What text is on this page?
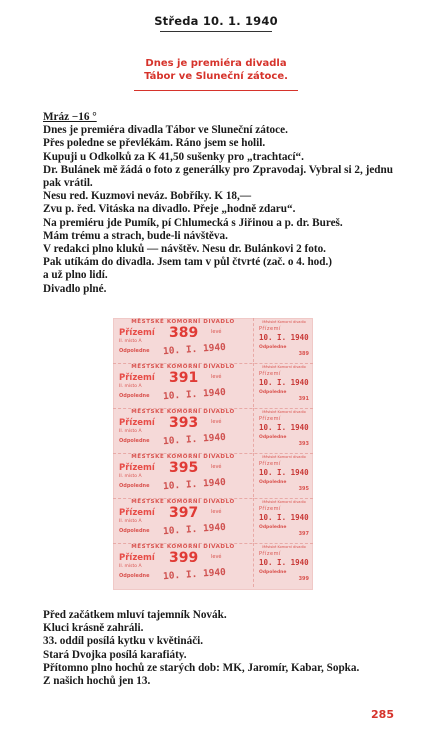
Středa 10. 1. 1940
Dnes je premiéra divadla
Tábor ve Sluneční zátoce.
Mráz −16 °
Dnes je premiéra divadla Tábor ve Sluneční zátoce.
Přes poledne se převlékám. Ráno jsem se holil.
Kupuji u Odkolků za K 41,50 sušenky pro „trachtací“.
Dr. Bulánek mě žádá o foto z generálky pro Zpravodaj. Vybral si 2, jednu pak vrátil.
Nesu red. Kuzmovi neváz. Bobříky. K 18,—
Zvu p. řed. Vitáska na divadlo. Přeje „hodně zdaru“.
Na premiéru jde Pumík, pí Chlumecká s Jiřinou a p. dr. Bureš.
Mám trému a strach, bude-li návštěva.
V redakci plno kluků — návštěv. Nesu dr. Bulánkovi 2 foto.
Pak utíkám do divadla. Jsem tam v půl čtvrté (zač. o 4. hod.)
a už plno lidí.
Divadlo plné.
MĚSTSKÉ KOMORNÍ DIVADLO
Přízemí
II. místo A
389	levé
Odpoledne 10. I. 1940
Městské Komorní divadlo
Přízemí
10. I. 1940
Odpoledne
389
MĚSTSKÉ KOMORNÍ DIVADLO
Přízemí
II. místo A
391	levé
Odpoledne 10. I. 1940
Městské Komorní divadlo
Přízemí
10. I. 1940
Odpoledne
391
MĚSTSKÉ KOMORNÍ DIVADLO
Přízemí
II. místo A
393	levé
Odpoledne 10. I. 1940
Městské Komorní divadlo
Přízemí
10. I. 1940
Odpoledne
393
MĚSTSKÉ KOMORNÍ DIVADLO
Přízemí
II. místo A
395	levé
Odpoledne 10. I. 1940
Městské Komorní divadlo
Přízemí
10. I. 1940
Odpoledne
395
MĚSTSKÉ KOMORNÍ DIVADLO
Přízemí
II. místo A
397	levé
Odpoledne 10. I. 1940
Městské Komorní divadlo
Přízemí
10. I. 1940
Odpoledne
397
MĚSTSKÉ KOMORNÍ DIVADLO
Přízemí
II. místo A
399	levé
Odpoledne 10. I. 1940
Městské Komorní divadlo
Přízemí
10. I. 1940
Odpoledne
399
Před začátkem mluví tajemník Novák.
Kluci krásně zahráli.
33. oddíl posílá kytku v květináči.
Stará Dvojka posílá karafiáty.
Přítomno plno hochů ze starých dob: MK, Jaromír, Kabar, Sopka.
Z našich hochů jen 13.
285
